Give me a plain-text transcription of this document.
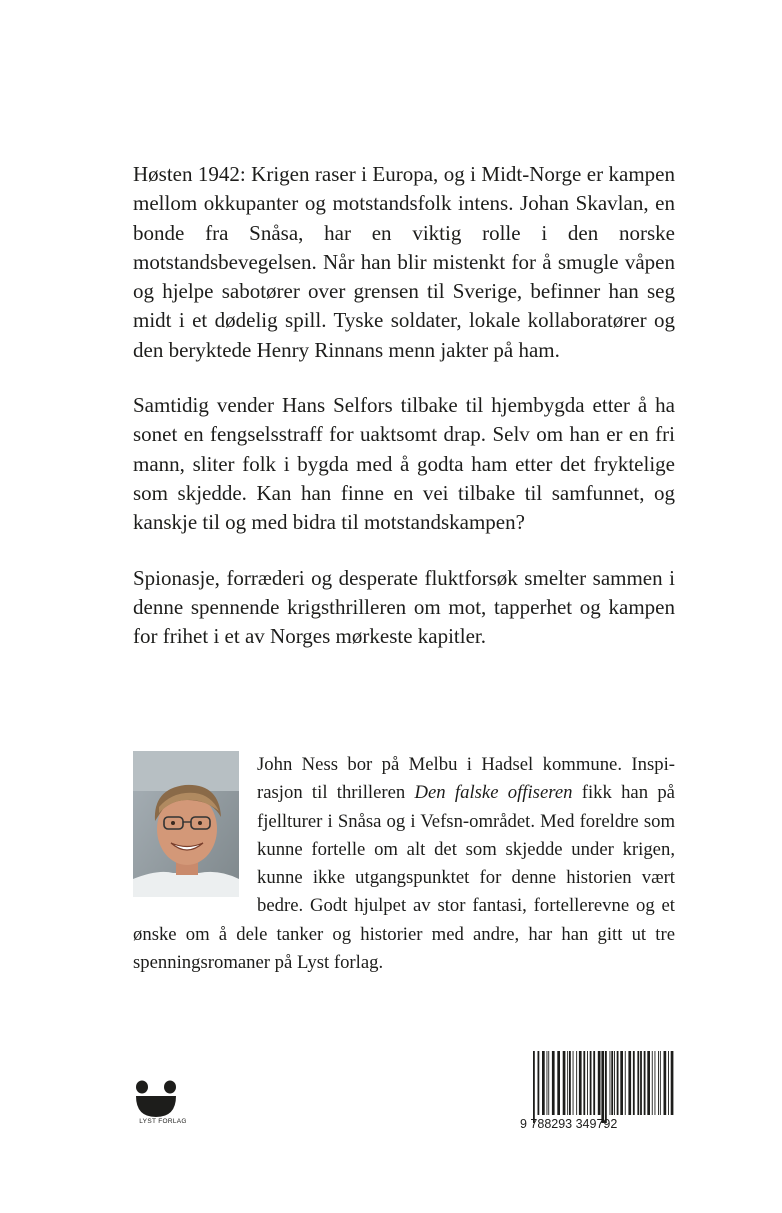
Høsten 1942: Krigen raser i Europa, og i Midt-Norge er kampen mellom okkupanter og motstandsfolk intens. Johan Skavlan, en bonde fra Snåsa, har en viktig rolle i den norske motstandsbevegelsen. Når han blir mistenkt for å smugle våpen og hjelpe sabotører over grensen til Sverige, befinner han seg midt i et dødelig spill. Tyske soldater, lokale kollaboratører og den beryktede Henry Rinnans menn jakter på ham.

Samtidig vender Hans Selfors tilbake til hjembygda etter å ha sonet en fengselsstraff for uaktsomt drap. Selv om han er en fri mann, sliter folk i bygda med å godta ham etter det fryktelige som skjedde. Kan han finne en vei tilbake til samfunnet, og kanskje til og med bidra til motstandskampen?

Spionasje, forræderi og desperate fluktforsøk smelter sammen i denne spennende krigsthrilleren om mot, tapperhet og kampen for frihet i et av Norges mørkeste kapitler.

John Ness bor på Melbu i Hadsel kommune. Inspirasjon til thrilleren Den falske offiseren fikk han på fjellturer i Snåsa og i Vefsn-området. Med foreldre som kunne fortelle om alt det som skjedde under krigen, kunne ikke utgangspunktet for denne historien vært bedre. Godt hjulpet av stor fantasi, fortellerevne og et ønske om å dele tanker og historier med andre, har han gitt ut tre spenningsromaner på Lyst forlag.
LYST FORLAG	9 788293 349792
